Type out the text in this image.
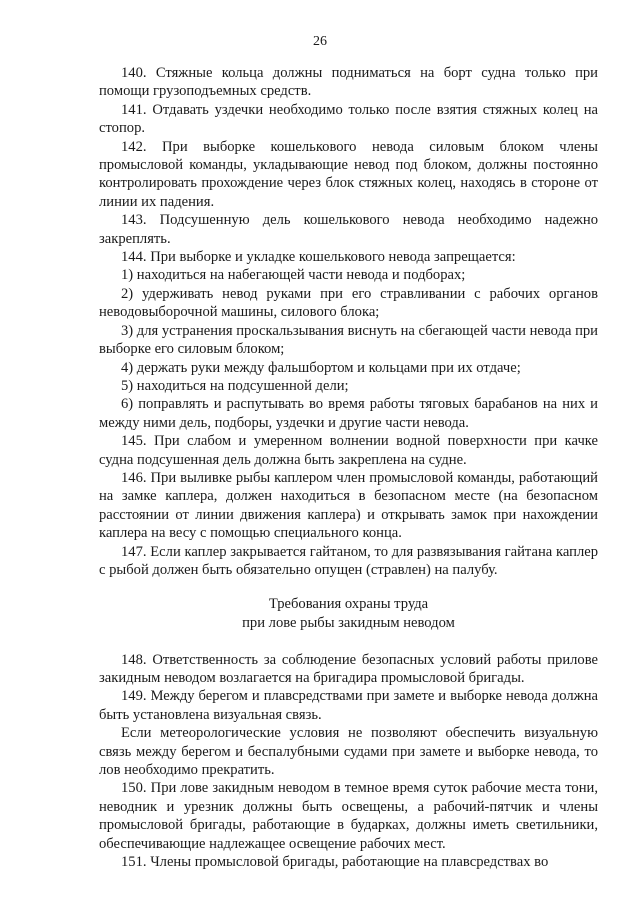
26

140. Стяжные кольца должны подниматься на борт судна только при помощи грузоподъемных средств.

141. Отдавать уздечки необходимо только после взятия стяжных колец на стопор.

142. При выборке кошелькового невода силовым блоком члены промысловой команды, укладывающие невод под блоком, должны постоянно контролировать прохождение через блок стяжных колец, находясь в стороне от линии их падения.

143. Подсушенную дель кошелькового невода необходимо надежно закреплять.

144. При выборке и укладке кошелькового невода запрещается:

1) находиться на набегающей части невода и подборах;

2) удерживать невод руками при его стравливании с рабочих органов неводовыборочной машины, силового блока;

3) для устранения проскальзывания виснуть на сбегающей части невода при выборке его силовым блоком;

4) держать руки между фальшбортом и кольцами при их отдаче;

5) находиться на подсушенной дели;

6) поправлять и распутывать во время работы тяговых барабанов на них и между ними дель, подборы, уздечки и другие части невода.

145. При слабом и умеренном волнении водной поверхности при качке судна подсушенная дель должна быть закреплена на судне.

146. При выливке рыбы каплером член промысловой команды, работающий на замке каплера, должен находиться в безопасном месте (на безопасном расстоянии от линии движения каплера) и открывать замок при нахождении каплера на весу с помощью специального конца.

147. Если каплер закрывается гайтаном, то для развязывания гайтана каплер с рыбой должен быть обязательно опущен (стравлен) на палубу.

Требования охраны труда

при лове рыбы закидным неводом

148. Ответственность за соблюдение безопасных условий работы прилове закидным неводом возлагается на бригадира промысловой бригады.

149. Между берегом и плавсредствами при замете и выборке невода должна быть установлена визуальная связь.

Если метеорологические условия не позволяют обеспечить визуальную связь между берегом и беспалубными судами при замете и выборке невода, то лов необходимо прекратить.

150. При лове закидным неводом в темное время суток рабочие места тони, неводник и урезник должны быть освещены, а рабочий-пятчик и члены промысловой бригады, работающие в бударках, должны иметь светильники, обеспечивающие надлежащее освещение рабочих мест.

151. Члены промысловой бригады, работающие на плавсредствах во
